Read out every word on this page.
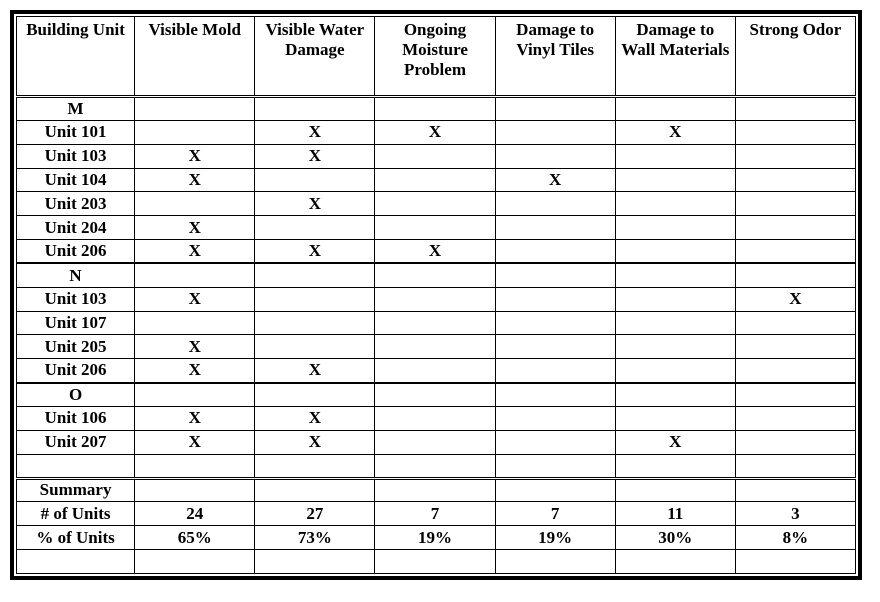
Building Unit	Visible Mold	Visible Water Damage	Ongoing Moisture Problem	Damage to Vinyl Tiles	Damage to Wall Materials	Strong Odor
M						
Unit 101		X	X		X	
Unit 103	X	X				
Unit 104	X			X		
Unit 203		X				
Unit 204	X					
Unit 206	X	X	X			
N						
Unit 103	X					X
Unit 107						
Unit 205	X					
Unit 206	X	X				
O						
Unit 106	X	X				
Unit 207	X	X			X	

Summary						
# of Units	24	27	7	7	11	3
% of Units	65%	73%	19%	19%	30%	8%
